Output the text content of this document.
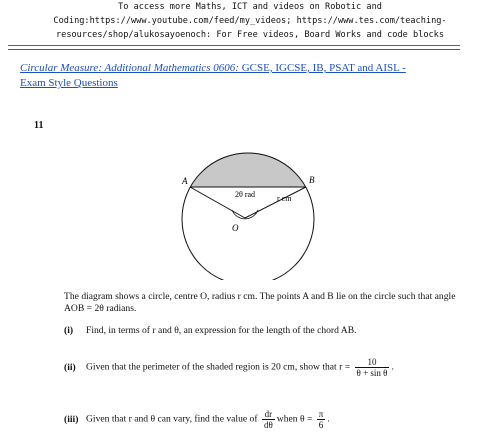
To access more Maths, ICT and videos on Robotic and
Coding:https://www.youtube.com/feed/my_videos; https://www.tes.com/teaching-
resources/shop/alukosayoenoch: For Free videos, Board Works and code blocks
Circular Measure: Additional Mathematics 0606: GCSE, IGCSE, IB, PSAT and AISL -
Exam Style Questions
11
A	B
O
2θ rad	r cm
The diagram shows a circle, centre O, radius r cm. The points A and B lie on the circle such that angle AOB = 2θ radians.
(i) Find, in terms of r and θ, an expression for the length of the chord AB.
(ii) Given that the perimeter of the shaded region is 20 cm, show that $r = \frac{10}{\text{θ + sin θ}}$ .
(iii) Given that r and θ can vary, find the value of $\frac{dr}{d\theta}$ when $\theta = \frac{\pi}{6}$ .
